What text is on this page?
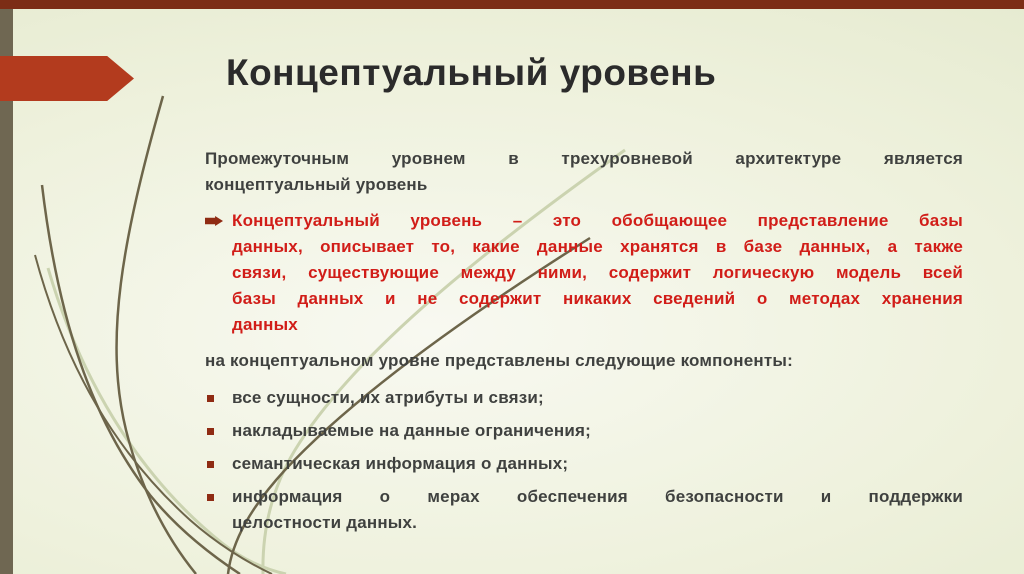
Концептуальный уровень
Промежуточным уровнем в трехуровневой архитектуре является
концептуальный уровень
Концептуальный уровень – это обобщающее представление базы
данных, описывает то, какие данные хранятся в базе данных, а также
связи, существующие между ними, содержит логическую модель всей
базы данных и не содержит никаких сведений о методах хранения
данных
на концептуальном уровне представлены следующие компоненты:
все сущности, их атрибуты и связи;
накладываемые на данные ограничения;
семантическая информация о данных;
информация о мерах обеспечения безопасности и поддержки
целостности данных.
